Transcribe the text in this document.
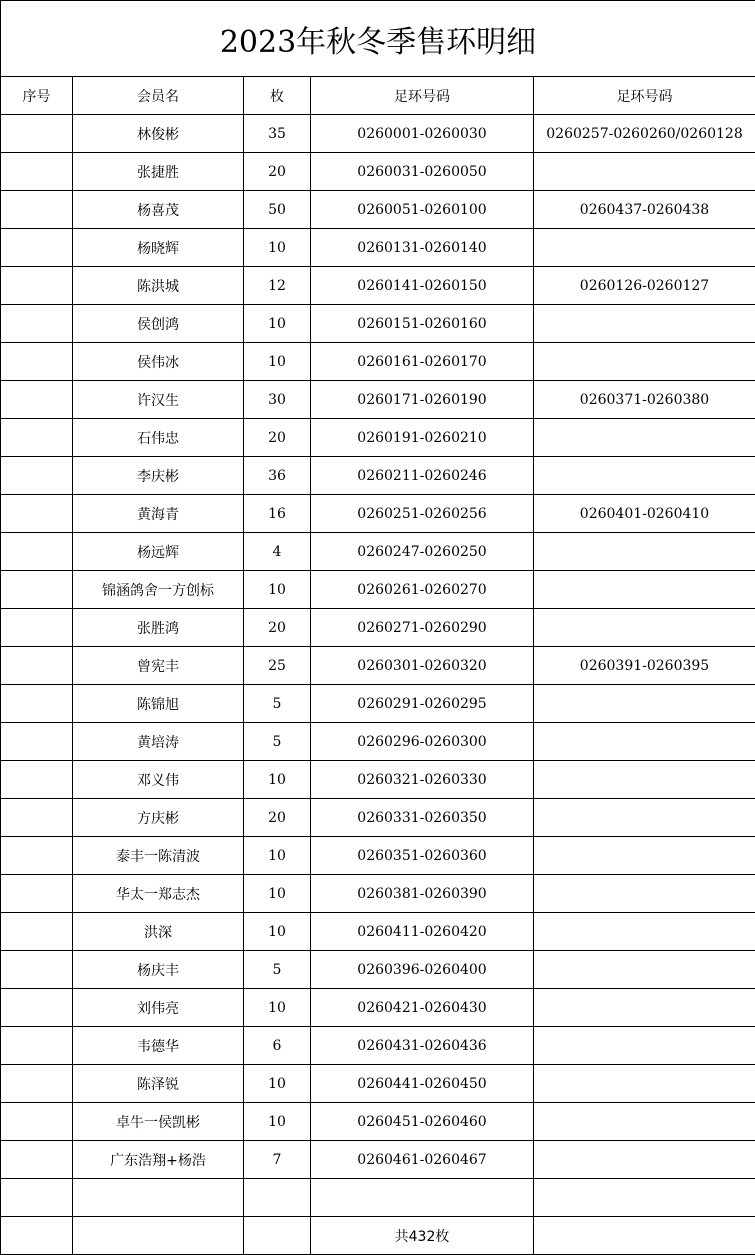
2023年秋冬季售环明细				
序号	会员名	枚	足环号码	足环号码
	林俊彬	35	0260001-0260030	0260257-0260260/0260128
	张捷胜	20	0260031-0260050	
	杨喜茂	50	0260051-0260100	0260437-0260438
	杨晓辉	10	0260131-0260140	
	陈洪城	12	0260141-0260150	0260126-0260127
	侯创鸿	10	0260151-0260160	
	侯伟冰	10	0260161-0260170	
	许汉生	30	0260171-0260190	0260371-0260380
	石伟忠	20	0260191-0260210	
	李庆彬	36	0260211-0260246	
	黄海青	16	0260251-0260256	0260401-0260410
	杨远辉	4	0260247-0260250	
	锦涵鸽舍一方创标	10	0260261-0260270	
	张胜鸿	20	0260271-0260290	
	曾宪丰	25	0260301-0260320	0260391-0260395
	陈锦旭	5	0260291-0260295	
	黄培涛	5	0260296-0260300	
	邓义伟	10	0260321-0260330	
	方庆彬	20	0260331-0260350	
	泰丰一陈清波	10	0260351-0260360	
	华太一郑志杰	10	0260381-0260390	
	洪深	10	0260411-0260420	
	杨庆丰	5	0260396-0260400	
	刘伟亮	10	0260421-0260430	
	韦德华	6	0260431-0260436	
	陈泽锐	10	0260441-0260450	
	卓牛一侯凯彬	10	0260451-0260460	
	广东浩翔+杨浩	7	0260461-0260467	

			共432枚	
